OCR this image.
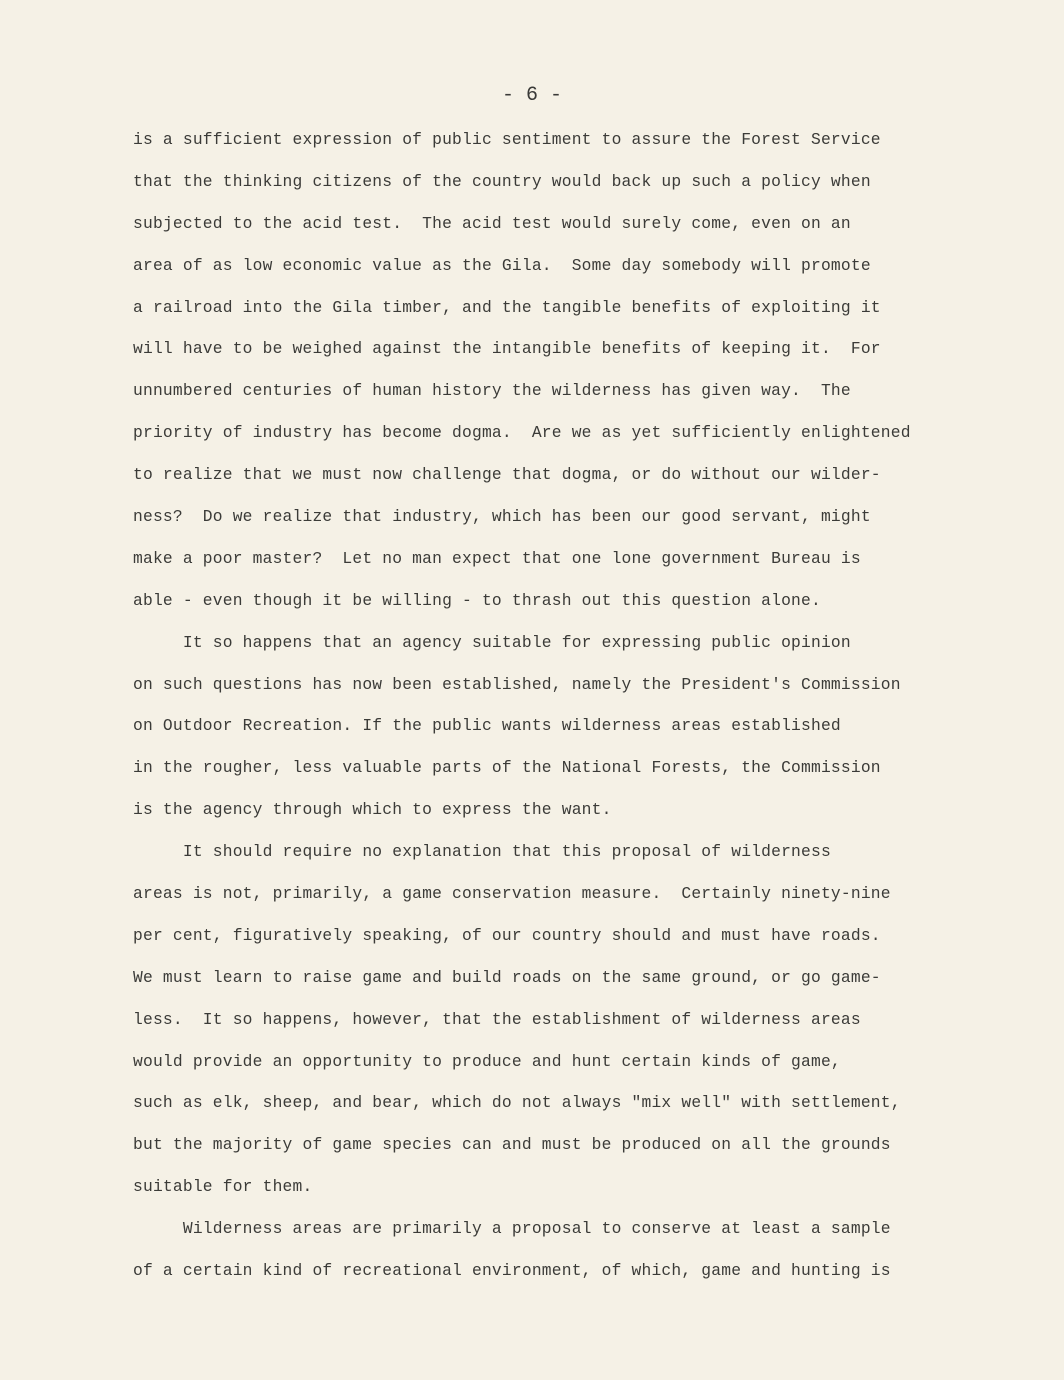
- 6 -
is a sufficient expression of public sentiment to assure the Forest Service
that the thinking citizens of the country would back up such a policy when
subjected to the acid test.  The acid test would surely come, even on an
area of as low economic value as the Gila.  Some day somebody will promote
a railroad into the Gila timber, and the tangible benefits of exploiting it
will have to be weighed against the intangible benefits of keeping it.  For
unnumbered centuries of human history the wilderness has given way.  The
priority of industry has become dogma.  Are we as yet sufficiently enlightened
to realize that we must now challenge that dogma, or do without our wilder-
ness?  Do we realize that industry, which has been our good servant, might
make a poor master?  Let no man expect that one lone government Bureau is
able - even though it be willing - to thrash out this question alone.
It so happens that an agency suitable for expressing public opinion
on such questions has now been established, namely the President's Commission
on Outdoor Recreation. If the public wants wilderness areas established
in the rougher, less valuable parts of the National Forests, the Commission
is the agency through which to express the want.
It should require no explanation that this proposal of wilderness
areas is not, primarily, a game conservation measure.  Certainly ninety-nine
per cent, figuratively speaking, of our country should and must have roads.
We must learn to raise game and build roads on the same ground, or go game-
less.  It so happens, however, that the establishment of wilderness areas
would provide an opportunity to produce and hunt certain kinds of game,
such as elk, sheep, and bear, which do not always "mix well" with settlement,
but the majority of game species can and must be produced on all the grounds
suitable for them.
Wilderness areas are primarily a proposal to conserve at least a sample
of a certain kind of recreational environment, of which, game and hunting is
